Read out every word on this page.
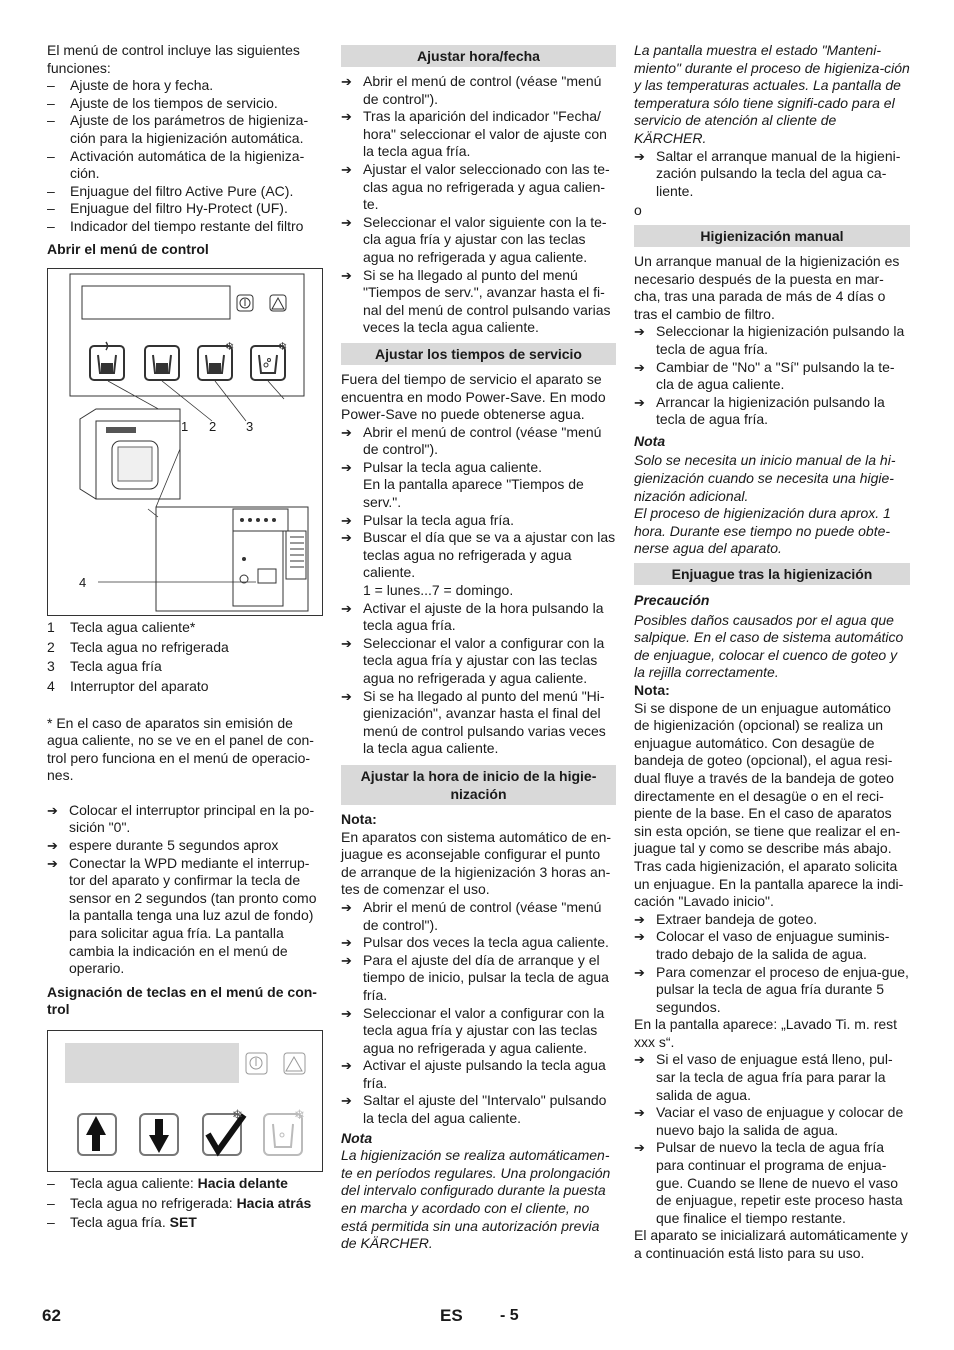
El menú de control incluye las siguientes funciones:

– Ajuste de hora y fecha.

– Ajuste de los tiempos de servicio.

– Ajuste de los parámetros de higieniza-ción para la higienización automática.

– Activación automática de la higieniza-ción.

– Enjuague del filtro Active Pure (AC).

– Enjuague del filtro Hy-Protect (UF).

– Indicador del tiempo restante del filtro

Abrir el menú de control

❄	❄
1 2 3
4

1 Tecla agua caliente*

2 Tecla agua no refrigerada

3 Tecla agua fría

4 Interruptor del aparato

* En el caso de aparatos sin emisión de agua caliente, no se ve en el panel de con-trol pero funciona en el menú de operacio-nes.

➔ Colocar el interruptor principal en la po-sición "0".

➔ espere durante 5 segundos aprox

➔ Conectar la WPD mediante el interrup-tor del aparato y confirmar la tecla de sensor en 2 segundos (tan pronto como la pantalla tenga una luz azul de fondo) para solicitar agua fría. La pantalla cambia la indicación en el menú de operario.

Asignación de teclas en el menú de con-trol

❄	❄

– Tecla agua caliente: Hacia delante

– Tecla agua no refrigerada: Hacia atrás

– Tecla agua fría. SET

Ajustar hora/fecha

➔ Abrir el menú de control (véase "menú de control").

➔ Tras la aparición del indicador "Fecha/ hora" seleccionar el valor de ajuste con la tecla agua fría.

➔ Ajustar el valor seleccionado con las te-clas agua no refrigerada y agua calien-te.

➔ Seleccionar el valor siguiente con la te-cla agua fría y ajustar con las teclas agua no refrigerada y agua caliente.

➔ Si se ha llegado al punto del menú "Tiempos de serv.", avanzar hasta el fi-nal del menú de control pulsando varias veces la tecla agua caliente.

Ajustar los tiempos de servicio

Fuera del tiempo de servicio el aparato se encuentra en modo Power-Save. En modo Power-Save no puede obtenerse agua.

➔ Abrir el menú de control (véase "menú de control").

➔ Pulsar la tecla agua caliente.

En la pantalla aparece "Tiempos de serv.".

➔ Pulsar la tecla agua fría.

➔ Buscar el día que se va a ajustar con las teclas agua no refrigerada y agua caliente.

1 = lunes...7 = domingo.

➔ Activar el ajuste de la hora pulsando la tecla agua fría.

➔ Seleccionar el valor a configurar con la tecla agua fría y ajustar con las teclas agua no refrigerada y agua caliente.

➔ Si se ha llegado al punto del menú "Hi-gienización", avanzar hasta el final del menú de control pulsando varias veces la tecla agua caliente.

Ajustar la hora de inicio de la higie-nización

Nota:

En aparatos con sistema automático de en-juague es aconsejable configurar el punto de arranque de la higienización 3 horas an-tes de comenzar el uso.

➔ Abrir el menú de control (véase "menú de control").

➔ Pulsar dos veces la tecla agua caliente.

➔ Para el ajuste del día de arranque y el tiempo de inicio, pulsar la tecla de agua fría.

➔ Seleccionar el valor a configurar con la tecla agua fría y ajustar con las teclas agua no refrigerada y agua caliente.

➔ Activar el ajuste pulsando la tecla agua fría.

➔ Saltar el ajuste del "Intervalo" pulsando la tecla del agua caliente.

Nota

La higienización se realiza automáticamen-te en períodos regulares. Una prolongación del intervalo configurado durante la puesta en marcha y acordado con el cliente, no está permitida sin una autorización previa de KÄRCHER.

La pantalla muestra el estado "Manteni-miento" durante el proceso de higieniza-ción y las temperaturas actuales. La pantalla de temperatura sólo tiene signifi-cado para el servicio de atención al cliente de KÄRCHER.

➔ Saltar el arranque manual de la higieni-zación pulsando la tecla del agua ca-liente.

o

Higienización manual

Un arranque manual de la higienización es necesario después de la puesta en mar-cha, tras una parada de más de 4 días o tras el cambio de filtro.

➔ Seleccionar la higienización pulsando la tecla de agua fría.

➔ Cambiar de "No" a "Sí" pulsando la te-cla de agua caliente.

➔ Arrancar la higienización pulsando la tecla de agua fría.

Nota

Solo se necesita un inicio manual de la hi-gienización cuando se necesita una higie-nización adicional.

El proceso de higienización dura aprox. 1 hora. Durante ese tiempo no puede obte-nerse agua del aparato.

Enjuague tras la higienización

Precaución

Posibles daños causados por el agua que salpique. En el caso de sistema automático de enjuague, colocar el cuenco de goteo y la rejilla correctamente.

Nota:

Si se dispone de un enjuague automático de higienización (opcional) se realiza un enjuague automático. Con desagüe de bandeja de goteo (opcional), el agua resi-dual fluye a través de la bandeja de goteo directamente en el desagüe o en el reci-piente de la base. En el caso de aparatos sin esta opción, se tiene que realizar el en-juague tal y como se describe más abajo. Tras cada higienización, el aparato solicita un enjuague. En la pantalla aparece la indi-cación "Lavado inicio".

➔ Extraer bandeja de goteo.

➔ Colocar el vaso de enjuague suminis-trado debajo de la salida de agua.

➔ Para comenzar el proceso de enjua-gue, pulsar la tecla de agua fría durante 5 segundos.

En la pantalla aparece: „Lavado Ti. m. rest xxx s“.

➔ Si el vaso de enjuague está lleno, pul-sar la tecla de agua fría para parar la salida de agua.

➔ Vaciar el vaso de enjuague y colocar de nuevo bajo la salida de agua.

➔ Pulsar de nuevo la tecla de agua fría para continuar el programa de enjua-gue. Cuando se llene de nuevo el vaso de enjuague, repetir este proceso hasta que finalice el tiempo restante.

El aparato se inicializará automáticamente y a continuación está listo para su uso.

62	ES - 5
